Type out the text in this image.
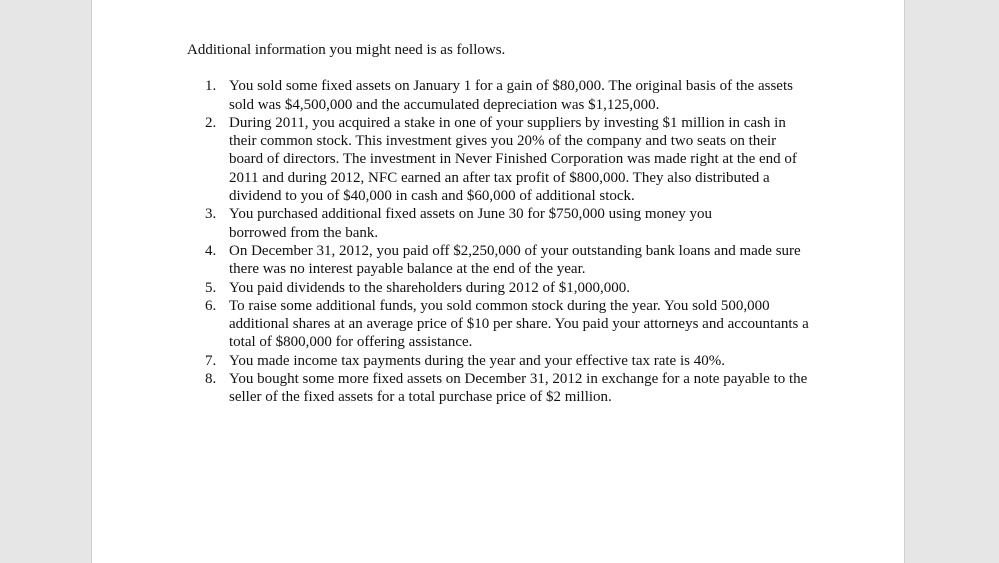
Additional information you might need is as follows.

1. You sold some fixed assets on January 1 for a gain of $80,000. The original basis of the assets sold was $4,500,000 and the accumulated depreciation was $1,125,000.
2. During 2011, you acquired a stake in one of your suppliers by investing $1 million in cash in their common stock. This investment gives you 20% of the company and two seats on their board of directors. The investment in Never Finished Corporation was made right at the end of 2011 and during 2012, NFC earned an after tax profit of $800,000. They also distributed a dividend to you of $40,000 in cash and $60,000 of additional stock.
3. You purchased additional fixed assets on June 30 for $750,000 using money you borrowed from the bank.
4. On December 31, 2012, you paid off $2,250,000 of your outstanding bank loans and made sure there was no interest payable balance at the end of the year.
5. You paid dividends to the shareholders during 2012 of $1,000,000.
6. To raise some additional funds, you sold common stock during the year. You sold 500,000 additional shares at an average price of $10 per share. You paid your attorneys and accountants a total of $800,000 for offering assistance.
7. You made income tax payments during the year and your effective tax rate is 40%.
8. You bought some more fixed assets on December 31, 2012 in exchange for a note payable to the seller of the fixed assets for a total purchase price of $2 million.
